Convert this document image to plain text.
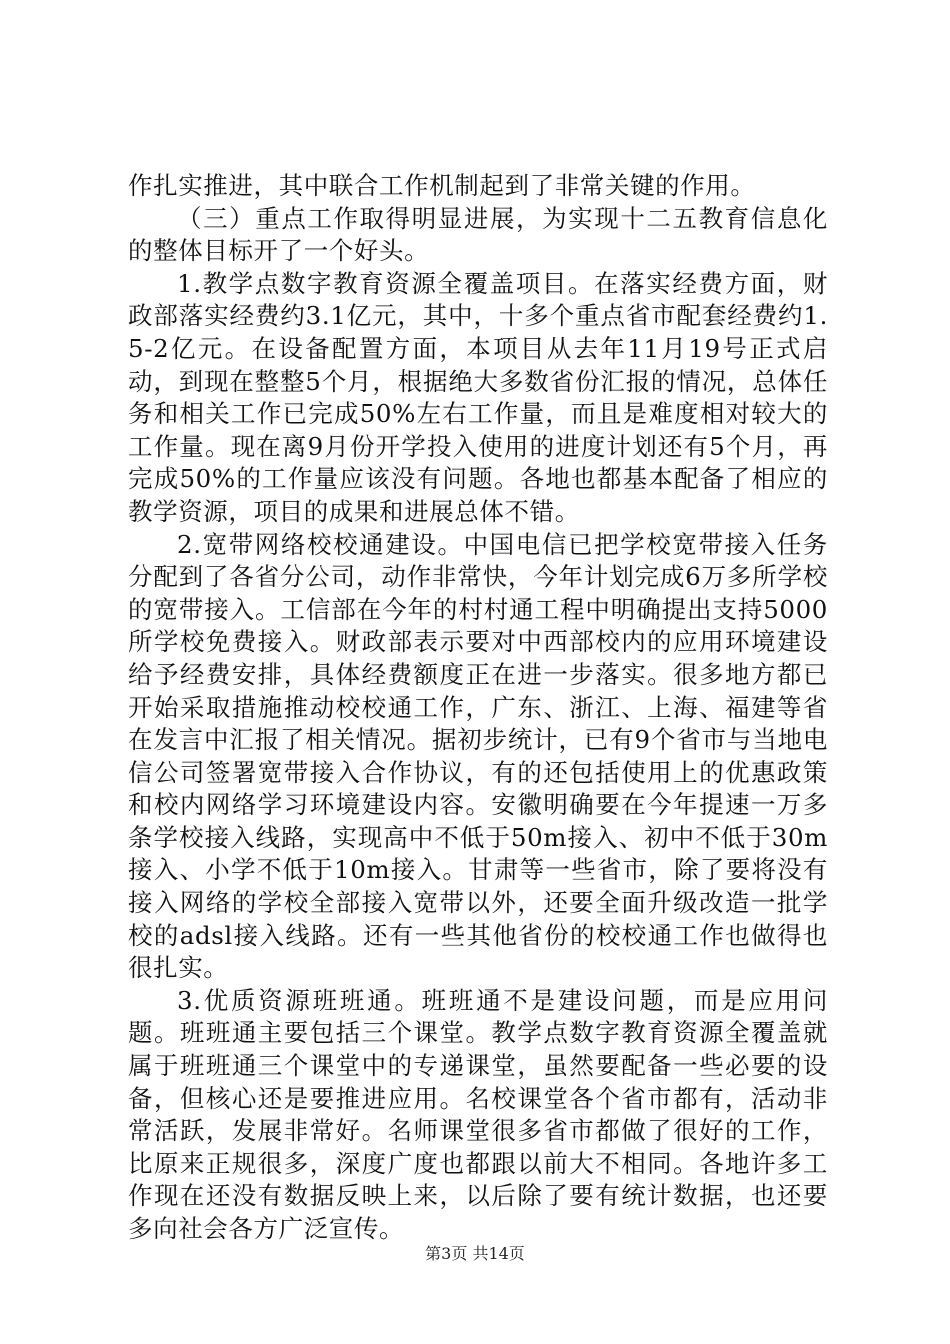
作扎实推进，其中联合工作机制起到了非常关键的作用。

（三）重点工作取得明显进展，为实现十二五教育信息化的整体目标开了一个好头。

1.教学点数字教育资源全覆盖项目。在落实经费方面，财政部落实经费约3.1亿元，其中，十多个重点省市配套经费约1.5-2亿元。在设备配置方面，本项目从去年11月19号正式启动，到现在整整5个月，根据绝大多数省份汇报的情况，总体任务和相关工作已完成50%左右工作量，而且是难度相对较大的工作量。现在离9月份开学投入使用的进度计划还有5个月，再完成50%的工作量应该没有问题。各地也都基本配备了相应的教学资源，项目的成果和进展总体不错。

2.宽带网络校校通建设。中国电信已把学校宽带接入任务分配到了各省分公司，动作非常快，今年计划完成6万多所学校的宽带接入。工信部在今年的村村通工程中明确提出支持5000所学校免费接入。财政部表示要对中西部校内的应用环境建设给予经费安排，具体经费额度正在进一步落实。很多地方都已开始采取措施推动校校通工作，广东、浙江、上海、福建等省在发言中汇报了相关情况。据初步统计，已有9个省市与当地电信公司签署宽带接入合作协议，有的还包括使用上的优惠政策和校内网络学习环境建设内容。安徽明确要在今年提速一万多条学校接入线路，实现高中不低于50m接入、初中不低于30m接入、小学不低于10m接入。甘肃等一些省市，除了要将没有接入网络的学校全部接入宽带以外，还要全面升级改造一批学校的adsl接入线路。还有一些其他省份的校校通工作也做得也很扎实。

3.优质资源班班通。班班通不是建设问题，而是应用问题。班班通主要包括三个课堂。教学点数字教育资源全覆盖就属于班班通三个课堂中的专递课堂，虽然要配备一些必要的设备，但核心还是要推进应用。名校课堂各个省市都有，活动非常活跃，发展非常好。名师课堂很多省市都做了很好的工作，比原来正规很多，深度广度也都跟以前大不相同。各地许多工作现在还没有数据反映上来，以后除了要有统计数据，也还要多向社会各方广泛宣传。

第3页 共14页
